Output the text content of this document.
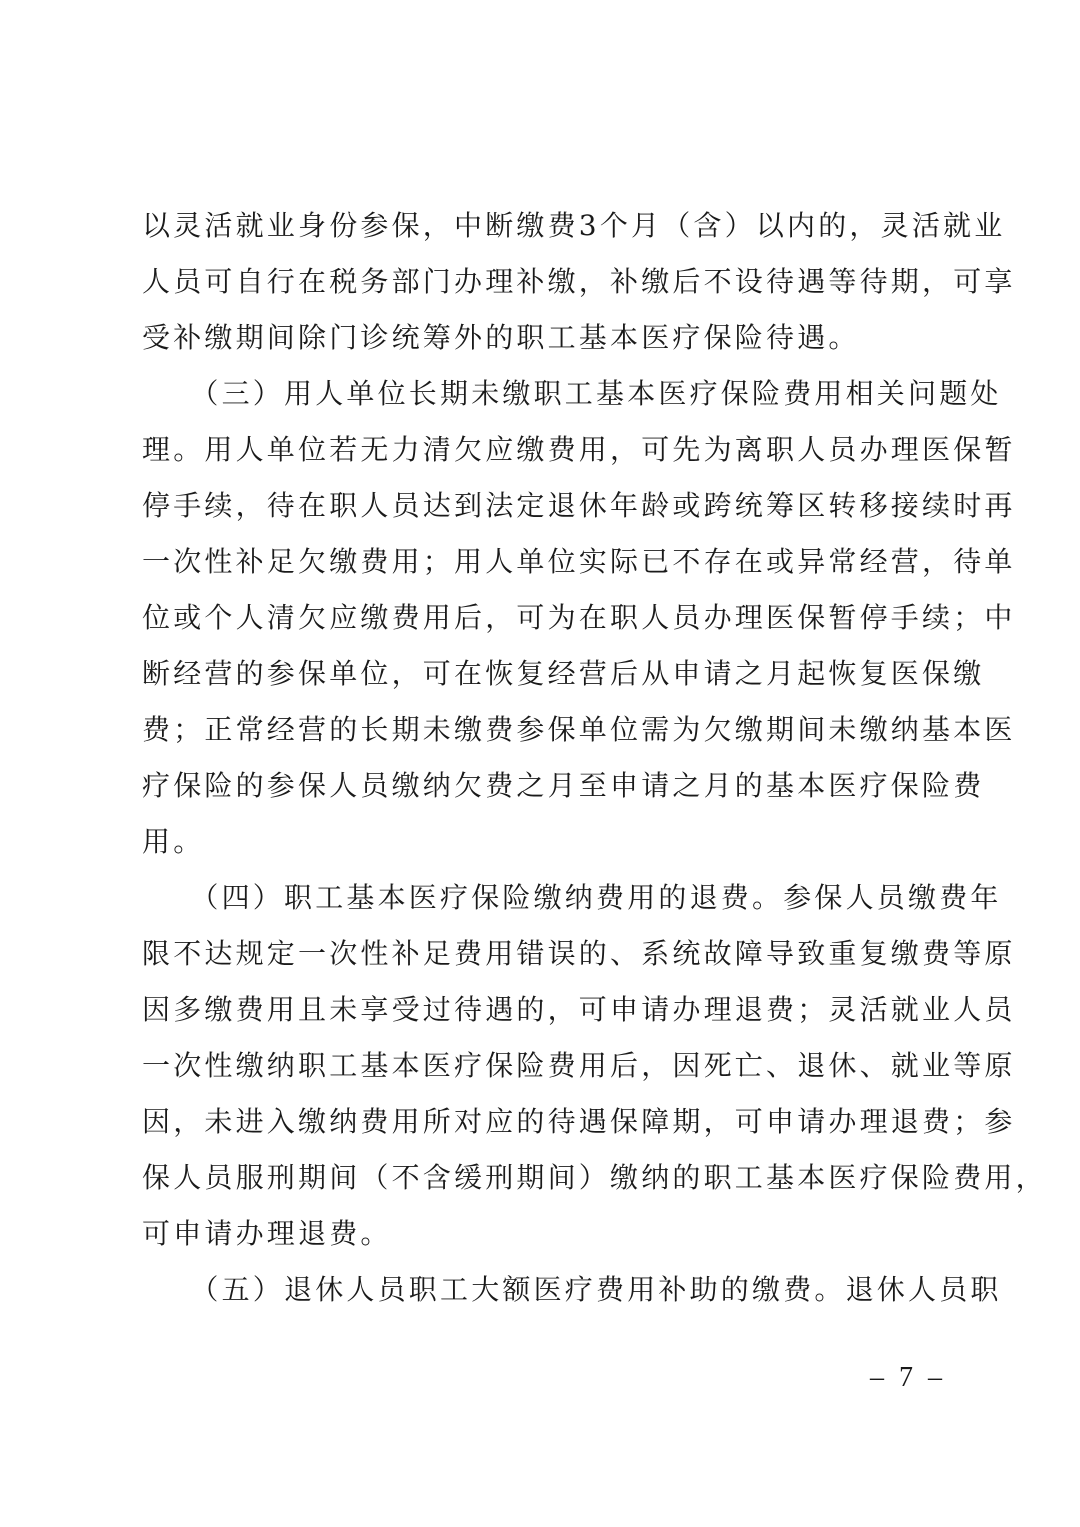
以灵活就业身份参保，中断缴费3个月（含）以内的，灵活就业
人员可自行在税务部门办理补缴，补缴后不设待遇等待期，可享
受补缴期间除门诊统筹外的职工基本医疗保险待遇。
　　（三）用人单位长期未缴职工基本医疗保险费用相关问题处
理。用人单位若无力清欠应缴费用，可先为离职人员办理医保暂
停手续，待在职人员达到法定退休年龄或跨统筹区转移接续时再
一次性补足欠缴费用；用人单位实际已不存在或异常经营，待单
位或个人清欠应缴费用后，可为在职人员办理医保暂停手续；中
断经营的参保单位，可在恢复经营后从申请之月起恢复医保缴
费；正常经营的长期未缴费参保单位需为欠缴期间未缴纳基本医
疗保险的参保人员缴纳欠费之月至申请之月的基本医疗保险费
用。
　　（四）职工基本医疗保险缴纳费用的退费。参保人员缴费年
限不达规定一次性补足费用错误的、系统故障导致重复缴费等原
因多缴费用且未享受过待遇的，可申请办理退费；灵活就业人员
一次性缴纳职工基本医疗保险费用后，因死亡、退休、就业等原
因，未进入缴纳费用所对应的待遇保障期，可申请办理退费；参
保人员服刑期间（不含缓刑期间）缴纳的职工基本医疗保险费用，
可申请办理退费。
　　（五）退休人员职工大额医疗费用补助的缴费。退休人员职
– 7 –
